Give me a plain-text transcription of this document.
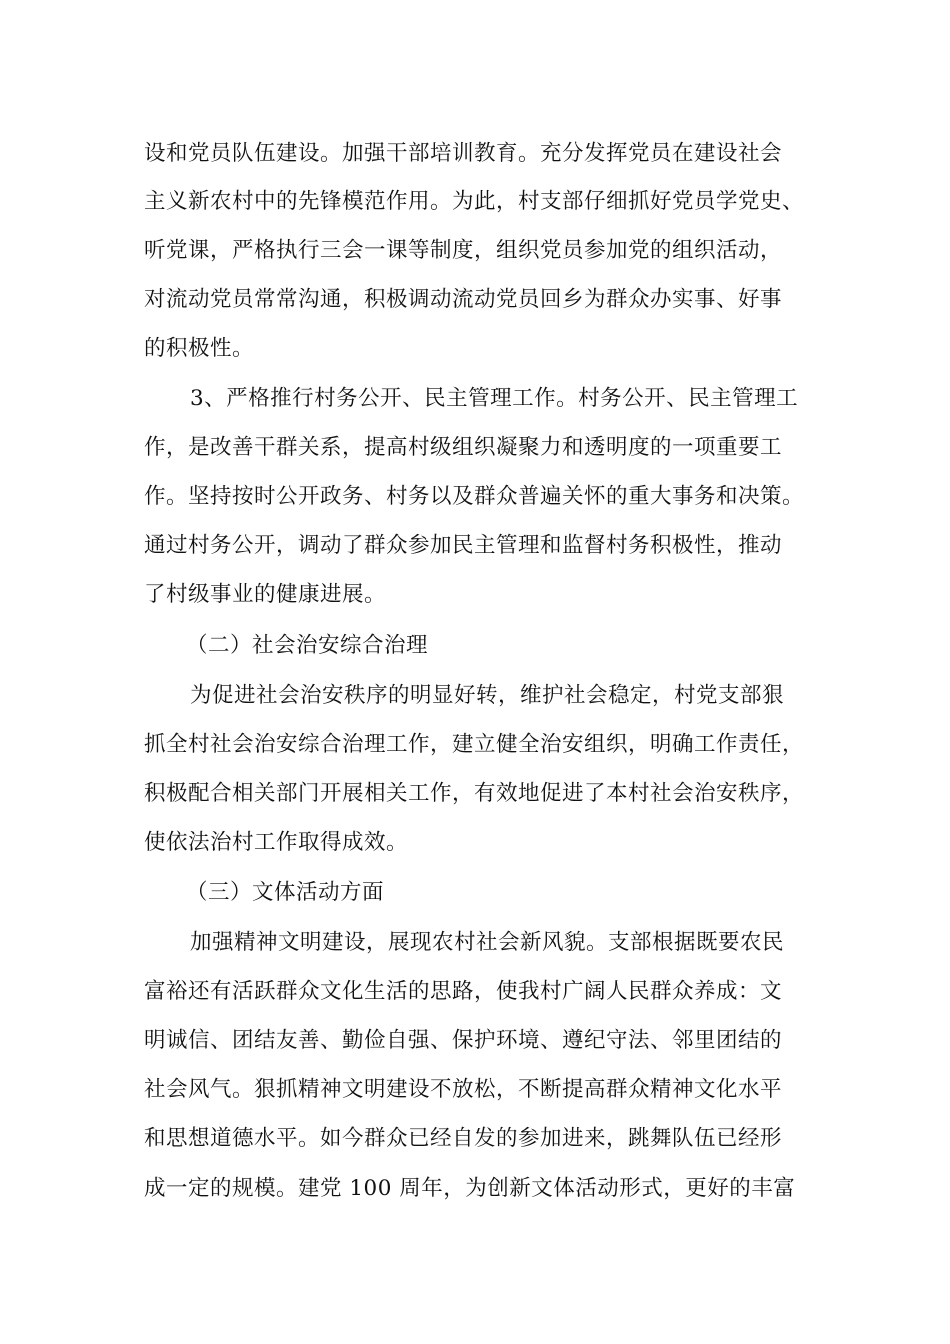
设和党员队伍建设。加强干部培训教育。充分发挥党员在建设社会
主义新农村中的先锋模范作用。为此，村支部仔细抓好党员学党史、
听党课，严格执行三会一课等制度，组织党员参加党的组织活动，
对流动党员常常沟通，积极调动流动党员回乡为群众办实事、好事
的积极性。
3、严格推行村务公开、民主管理工作。村务公开、民主管理工
作，是改善干群关系，提高村级组织凝聚力和透明度的一项重要工
作。坚持按时公开政务、村务以及群众普遍关怀的重大事务和决策。
通过村务公开，调动了群众参加民主管理和监督村务积极性，推动
了村级事业的健康进展。
（二）社会治安综合治理
为促进社会治安秩序的明显好转，维护社会稳定，村党支部狠
抓全村社会治安综合治理工作，建立健全治安组织，明确工作责任，
积极配合相关部门开展相关工作，有效地促进了本村社会治安秩序，
使依法治村工作取得成效。
（三）文体活动方面
加强精神文明建设，展现农村社会新风貌。支部根据既要农民
富裕还有活跃群众文化生活的思路，使我村广阔人民群众养成：文
明诚信、团结友善、勤俭自强、保护环境、遵纪守法、邻里团结的
社会风气。狠抓精神文明建设不放松，不断提高群众精神文化水平
和思想道德水平。如今群众已经自发的参加进来，跳舞队伍已经形
成一定的规模。建党 100 周年，为创新文体活动形式，更好的丰富
